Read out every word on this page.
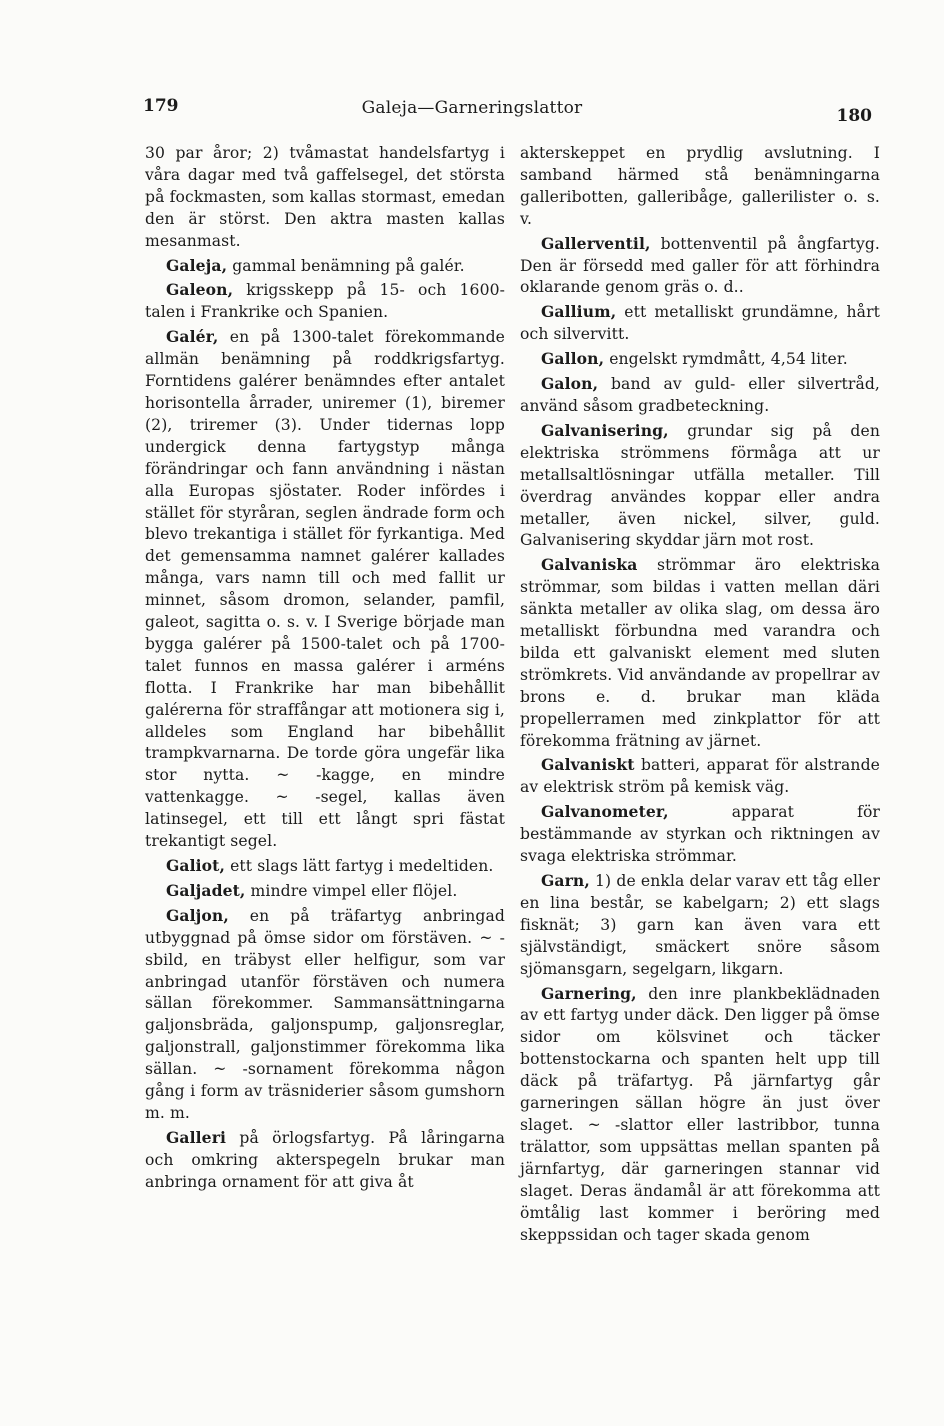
179	Galeja—Garneringslattor	180

30 par åror; 2) tvåmastat handelsfartyg i våra dagar med två gaffelsegel, det största på fockmasten, som kallas stormast, emedan den är störst. Den aktra masten kallas mesanmast.

Galeja, gammal benämning på galér.

Galeon, krigsskepp på 15- och 1600-talen i Frankrike och Spanien.

Galér, en på 1300-talet förekommande allmän benämning på roddkrigsfartyg. Forntidens galérer benämndes efter antalet horisontella årrader, uniremer (1), biremer (2), triremer (3). Under tidernas lopp undergick denna fartygstyp många förändringar och fann användning i nästan alla Europas sjöstater. Roder infördes i stället för styråran, seglen ändrade form och blevo trekantiga i stället för fyrkantiga. Med det gemensamma namnet galérer kallades många, vars namn till och med fallit ur minnet, såsom dromon, selander, pamfil, galeot, sagitta o. s. v. I Sverige började man bygga galérer på 1500-talet och på 1700-talet funnos en massa galérer i arméns flotta. I Frankrike har man bibehållit galérerna för straffångar att motionera sig i, alldeles som England har bibehållit trampkvarnarna. De torde göra ungefär lika stor nytta. ~ -kagge, en mindre vattenkagge. ~ -segel, kallas även latinsegel, ett till ett långt spri fästat trekantigt segel.

Galiot, ett slags lätt fartyg i medeltiden.

Galjadet, mindre vimpel eller flöjel.

Galjon, en på träfartyg anbringad utbyggnad på ömse sidor om förstäven. ~ -sbild, en träbyst eller helfigur, som var anbringad utanför förstäven och numera sällan förekommer. Sammansättningarna galjonsbräda, galjonspump, galjonsreglar, galjonstrall, galjonstimmer förekomma lika sällan. ~ -sornament förekomma någon gång i form av träsniderier såsom gumshorn m. m.

Galleri på örlogsfartyg. På låringarna och omkring akterspegeln brukar man anbringa ornament för att giva åt

akterskeppet en prydlig avslutning. I samband härmed stå benämningarna galleribotten, galleribåge, gallerilister o. s. v.

Gallerventil, bottenventil på ångfartyg. Den är försedd med galler för att förhindra oklarande genom gräs o. d..

Gallium, ett metalliskt grundämne, hårt och silvervitt.

Gallon, engelskt rymdmått, 4,54 liter.

Galon, band av guld- eller silvertråd, använd såsom gradbeteckning.

Galvanisering, grundar sig på den elektriska strömmens förmåga att ur metallsaltlösningar utfälla metaller. Till överdrag användes koppar eller andra metaller, även nickel, silver, guld. Galvanisering skyddar järn mot rost.

Galvaniska strömmar äro elektriska strömmar, som bildas i vatten mellan däri sänkta metaller av olika slag, om dessa äro metalliskt förbundna med varandra och bilda ett galvaniskt element med sluten strömkrets. Vid användande av propellrar av brons e. d. brukar man kläda propellerramen med zinkplattor för att förekomma frätning av järnet.

Galvaniskt batteri, apparat för alstrande av elektrisk ström på kemisk väg.

Galvanometer, apparat för bestämmande av styrkan och riktningen av svaga elektriska strömmar.

Garn, 1) de enkla delar varav ett tåg eller en lina består, se kabelgarn; 2) ett slags fisknät; 3) garn kan även vara ett självständigt, smäckert snöre såsom sjömansgarn, segelgarn, likgarn.

Garnering, den inre plankbeklädnaden av ett fartyg under däck. Den ligger på ömse sidor om kölsvinet och täcker bottenstockarna och spanten helt upp till däck på träfartyg. På järnfartyg går garneringen sällan högre än just över slaget. ~ -slattor eller lastribbor, tunna trälattor, som uppsättas mellan spanten på järnfartyg, där garneringen stannar vid slaget. Deras ändamål är att förekomma att ömtålig last kommer i beröring med skeppssidan och tager skada genom
